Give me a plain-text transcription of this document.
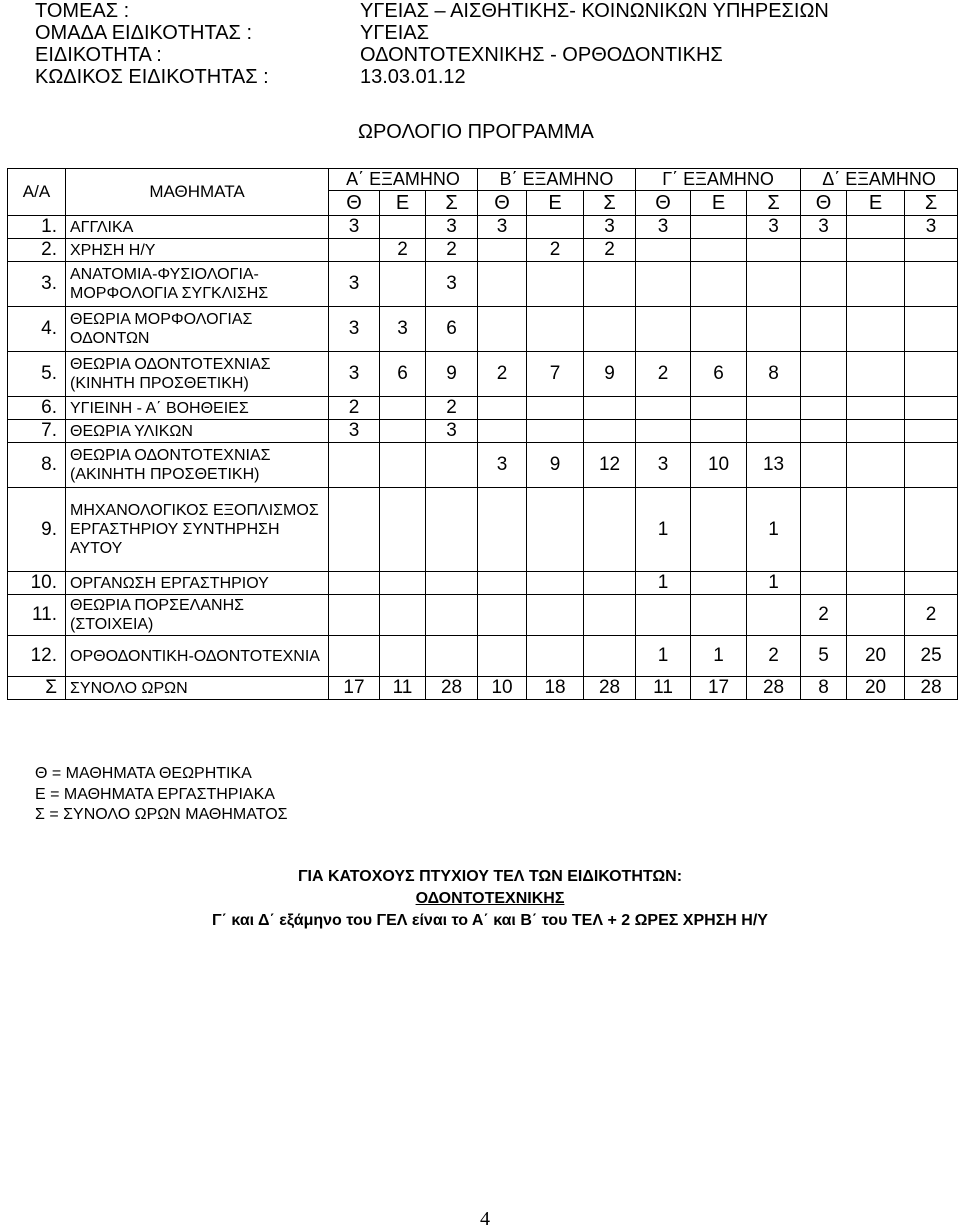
ΤΟΜΕΑΣ :	ΥΓΕΙΑΣ – ΑΙΣΘΗΤΙΚΗΣ- ΚΟΙΝΩΝΙΚΩΝ ΥΠΗΡΕΣΙΩΝ
ΟΜΑΔΑ ΕΙΔΙΚΟΤΗΤΑΣ :	ΥΓΕΙΑΣ
ΕΙΔΙΚΟΤΗΤΑ :	ΟΔΟΝΤΟΤΕΧΝΙΚΗΣ - ΟΡΘΟΔΟΝΤΙΚΗΣ
ΚΩΔΙΚΟΣ ΕΙΔΙΚΟΤΗΤΑΣ :	13.03.01.12
ΩΡΟΛΟΓΙΟ ΠΡΟΓΡΑΜΜΑ
Α/Α	ΜΑΘΗΜΑΤΑ	Α΄ ΕΞΑΜΗΝΟ			Β΄ ΕΞΑΜΗΝΟ			Γ΄ ΕΞΑΜΗΝΟ			Δ΄ ΕΞΑΜΗΝΟ		
		Θ	Ε	Σ	Θ	Ε	Σ	Θ	Ε	Σ	Θ	Ε	Σ
1.	ΑΓΓΛΙΚΑ	3		3	3		3	3		3	3		3
2.	ΧΡΗΣΗ Η/Υ		2	2		2	2						
3.	ΑΝΑΤΟΜΙΑ-ΦΥΣΙΟΛΟΓΙΑ-ΜΟΡΦΟΛΟΓΙΑ ΣΥΓΚΛΙΣΗΣ	3		3									
4.	ΘΕΩΡΙΑ ΜΟΡΦΟΛΟΓΙΑΣ ΟΔΟΝΤΩΝ	3	3	6									
5.	ΘΕΩΡΙΑ ΟΔΟΝΤΟΤΕΧΝΙΑΣ (ΚΙΝΗΤΗ ΠΡΟΣΘΕΤΙΚΗ)	3	6	9	2	7	9	2	6	8			
6.	ΥΓΙΕΙΝΗ - Α΄ ΒΟΗΘΕΙΕΣ	2		2									
7.	ΘΕΩΡΙΑ ΥΛΙΚΩΝ	3		3									
8.	ΘΕΩΡΙΑ ΟΔΟΝΤΟΤΕΧΝΙΑΣ (ΑΚΙΝΗΤΗ ΠΡΟΣΘΕΤΙΚΗ)				3	9	12	3	10	13			
9.	ΜΗΧΑΝΟΛΟΓΙΚΟΣ ΕΞΟΠΛΙΣΜΟΣ ΕΡΓΑΣΤΗΡΙΟΥ ΣΥΝΤΗΡΗΣΗ ΑΥΤΟΥ							1		1			
10.	ΟΡΓΑΝΩΣΗ ΕΡΓΑΣΤΗΡΙΟΥ							1		1			
11.	ΘΕΩΡΙΑ ΠΟΡΣΕΛΑΝΗΣ (ΣΤΟΙΧΕΙΑ)										2		2
12.	ΟΡΘΟΔΟΝΤΙΚΗ-ΟΔΟΝΤΟΤΕΧΝΙΑ							1	1	2	5	20	25
Σ	ΣΥΝΟΛΟ ΩΡΩΝ	17	11	28	10	18	28	11	17	28	8	20	28
Θ = ΜΑΘΗΜΑΤΑ ΘΕΩΡΗΤΙΚΑ
Ε = ΜΑΘΗΜΑΤΑ ΕΡΓΑΣΤΗΡΙΑΚΑ
Σ = ΣΥΝΟΛΟ ΩΡΩΝ ΜΑΘΗΜΑΤΟΣ
ΓΙΑ ΚΑΤΟΧΟΥΣ ΠΤΥΧΙΟΥ ΤΕΛ ΤΩΝ ΕΙΔΙΚΟΤΗΤΩΝ:
ΟΔΟΝΤΟΤΕΧΝΙΚΗΣ
Γ΄ και Δ΄ εξάμηνο του ΓΕΛ είναι το Α΄ και Β΄ του ΤΕΛ + 2 ΩΡΕΣ ΧΡΗΣΗ Η/Υ
4
